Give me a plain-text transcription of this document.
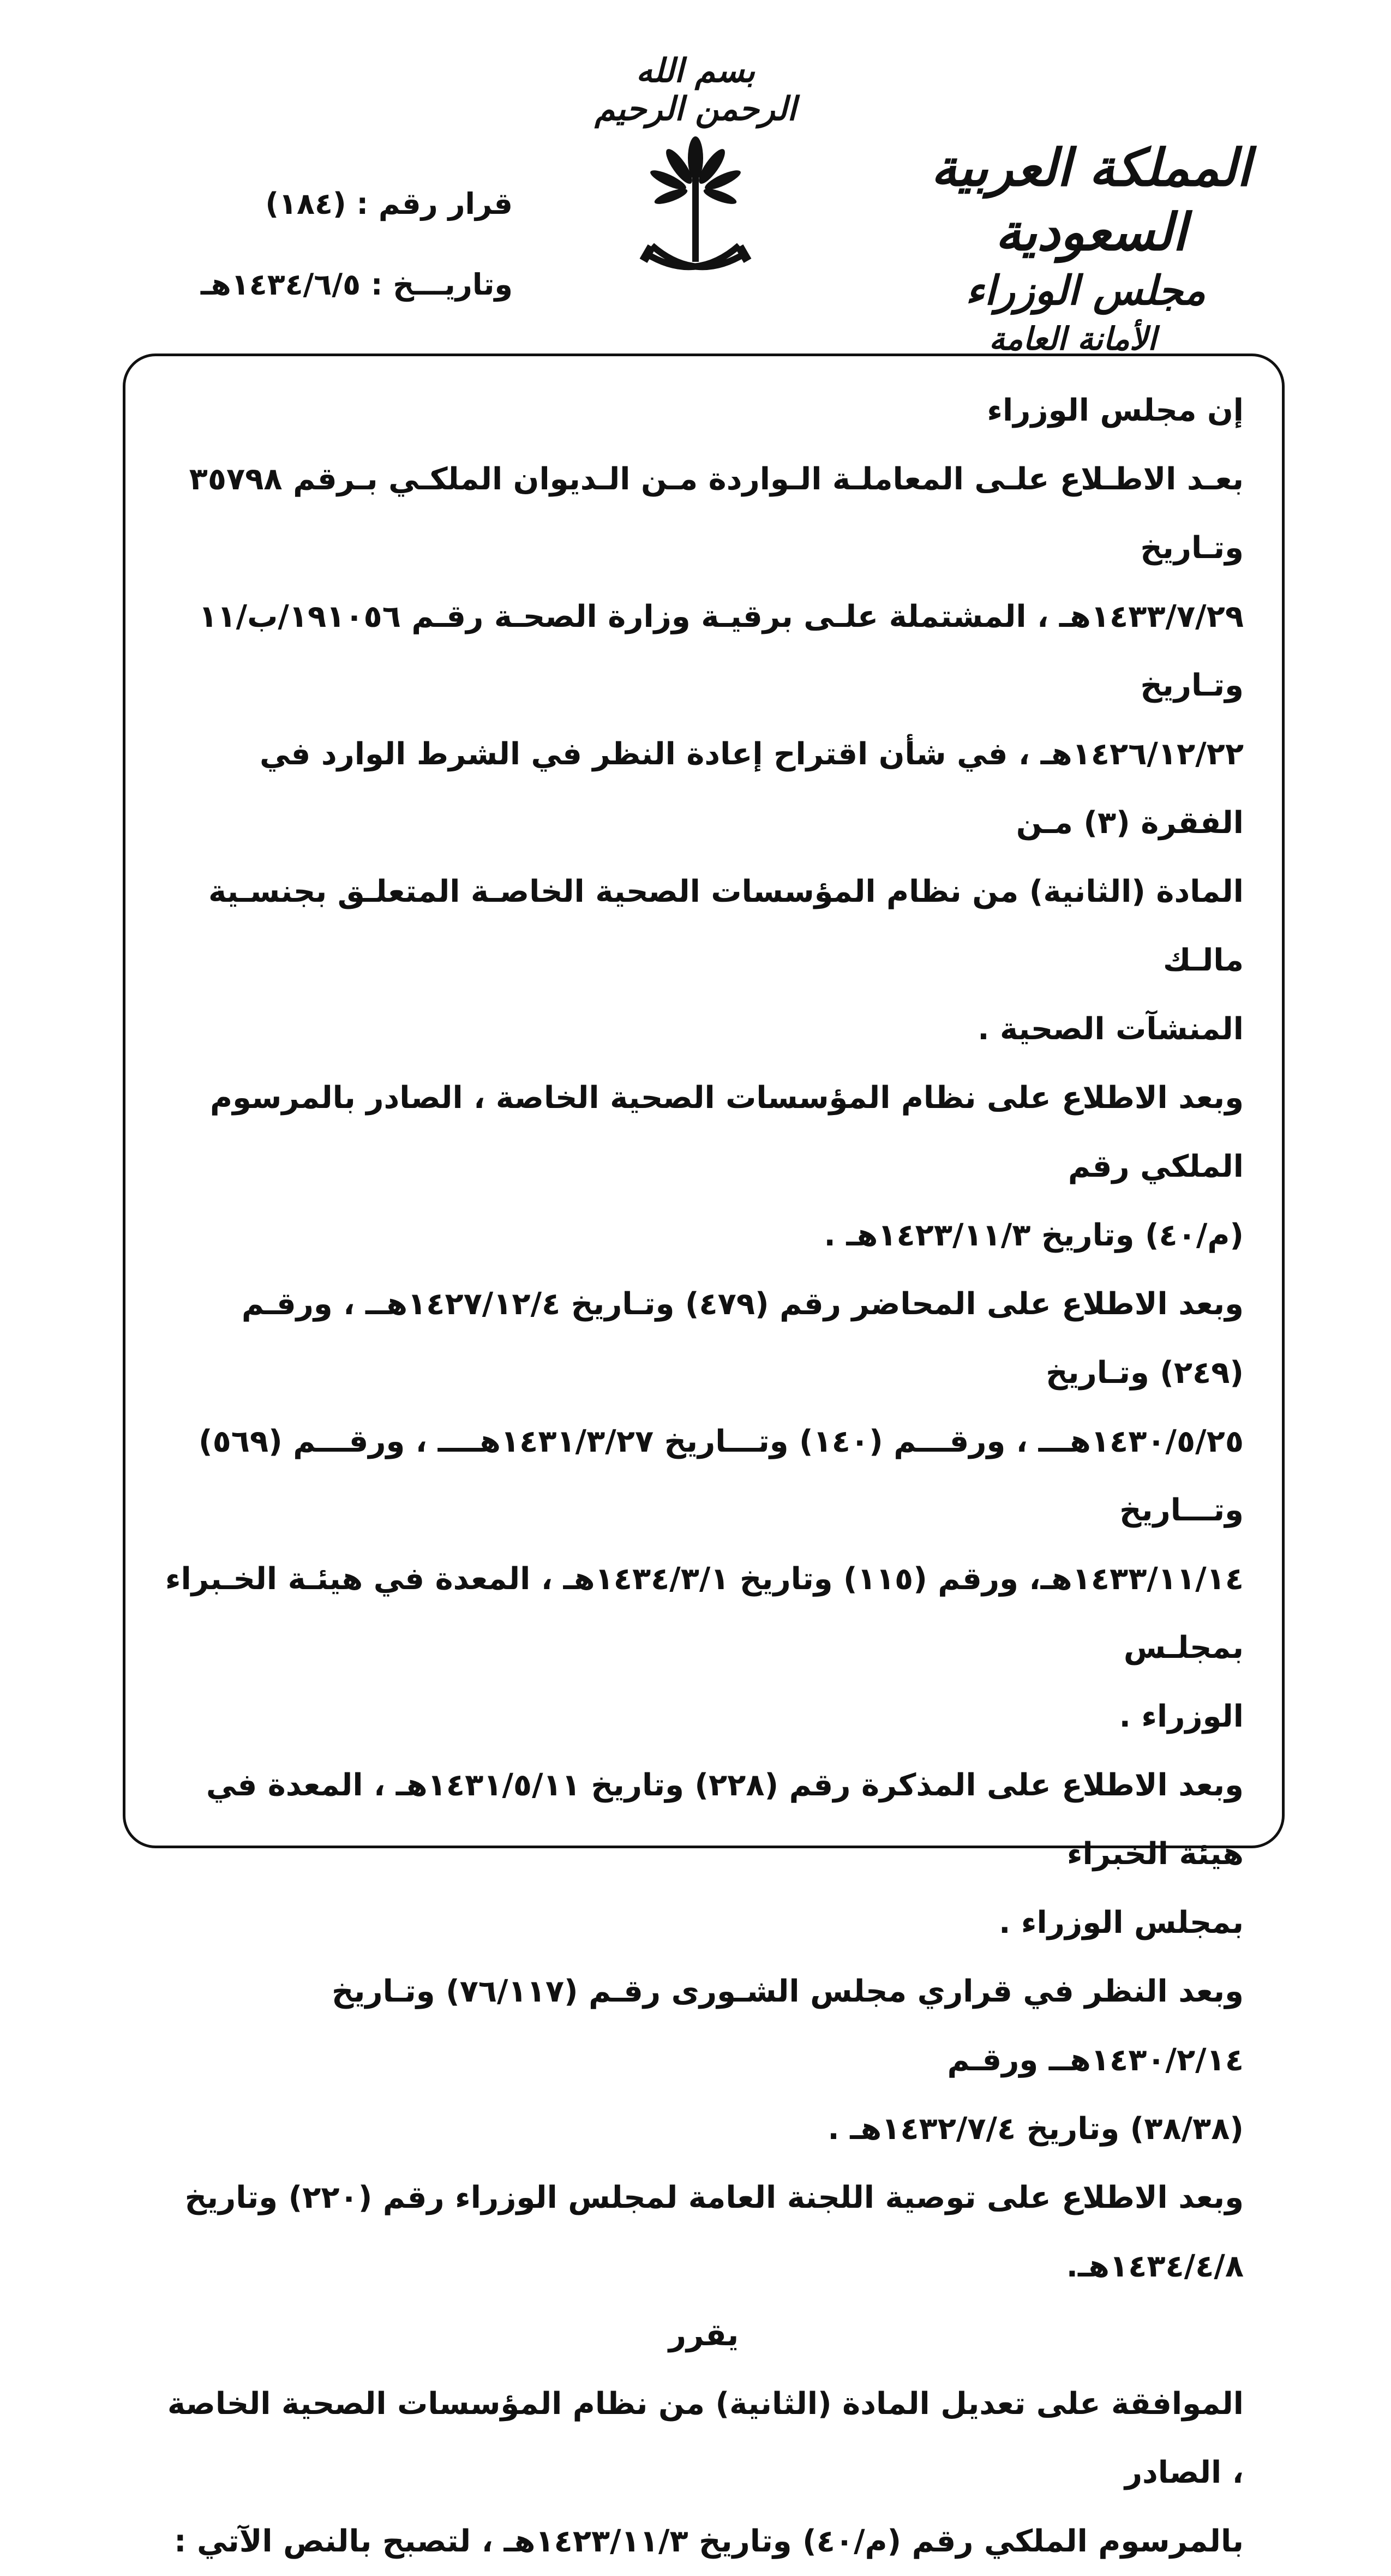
بسم الله الرحمن الرحيم
المملكة العربية السعودية
مجلس الوزراء
الأمانة العامة
قرار رقم : (١٨٤)
وتاريـــخ : ١٤٣٤/٦/٥هـ

إن مجلس الوزراء

بعـد الاطـلاع علـى المعاملـة الـواردة مـن الـديوان الملكـي بـرقم ٣٥٧٩٨ وتـاريخ

١٤٣٣/٧/٢٩هـ ، المشتملة علـى برقيـة وزارة الصحـة رقـم ١٩١٠٥٦/ب/١١ وتـاريخ

١٤٢٦/١٢/٢٢هـ ، في شأن اقتراح إعادة النظر في الشرط الوارد في الفقرة (٣) مـن

المادة (الثانية) من نظام المؤسسات الصحية الخاصـة المتعلـق بجنسـية مالـك

المنشآت الصحية .

وبعد الاطلاع على نظام المؤسسات الصحية الخاصة ، الصادر بالمرسوم الملكي رقم

(م/٤٠) وتاريخ ١٤٢٣/١١/٣هـ .

وبعد الاطلاع على المحاضر رقم (٤٧٩) وتـاريخ ١٤٢٧/١٢/٤هــ ، ورقـم (٢٤٩) وتـاريخ

١٤٣٠/٥/٢٥هـــ ، ورقـــم (١٤٠) وتـــاريخ ١٤٣١/٣/٢٧هــــ ، ورقـــم (٥٦٩) وتـــاريخ

١٤٣٣/١١/١٤هـ، ورقم (١١٥) وتاريخ ١٤٣٤/٣/١هـ ، المعدة في هيئـة الخـبراء بمجلـس

الوزراء .

وبعد الاطلاع على المذكرة رقم (٢٢٨) وتاريخ ١٤٣١/٥/١١هـ ، المعدة في هيئة الخبراء

بمجلس الوزراء .

وبعد النظر في قراري مجلس الشـورى رقـم (٧٦/١١٧) وتـاريخ ١٤٣٠/٢/١٤هــ ورقـم

(٣٨/٣٨) وتاريخ ١٤٣٢/٧/٤هـ .

وبعد الاطلاع على توصية اللجنة العامة لمجلس الوزراء رقم (٢٢٠) وتاريخ ١٤٣٤/٤/٨هـ.

يقرر

الموافقة على تعديل المادة (الثانية) من نظام المؤسسات الصحية الخاصة ، الصادر

بالمرسوم الملكي رقم (م/٤٠) وتاريخ ١٤٢٣/١١/٣هـ ، لتصبح بالنص الآتي :
